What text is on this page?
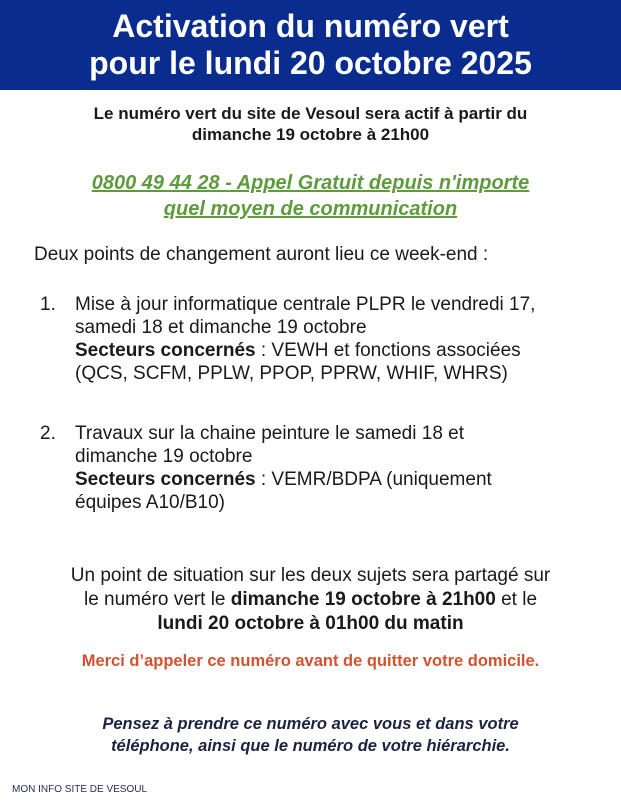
Activation du numéro vert
pour le lundi 20 octobre 2025
Le numéro vert du site de Vesoul sera actif à partir du
dimanche 19 octobre à 21h00
0800 49 44 28 - Appel Gratuit depuis n'importe
quel moyen de communication
Deux points de changement auront lieu ce week-end :
1. Mise à jour informatique centrale PLPR le vendredi 17,
samedi 18 et dimanche 19 octobre
Secteurs concernés : VEWH et fonctions associées
(QCS, SCFM, PPLW, PPOP, PPRW, WHIF, WHRS)
2. Travaux sur la chaine peinture le samedi 18 et
dimanche 19 octobre
Secteurs concernés : VEMR/BDPA (uniquement
équipes A10/B10)
Un point de situation sur les deux sujets sera partagé sur
le numéro vert le dimanche 19 octobre à 21h00 et le
lundi 20 octobre à 01h00 du matin
Merci d’appeler ce numéro avant de quitter votre domicile.
Pensez à prendre ce numéro avec vous et dans votre
téléphone, ainsi que le numéro de votre hiérarchie.
MON INFO SITE DE VESOUL
